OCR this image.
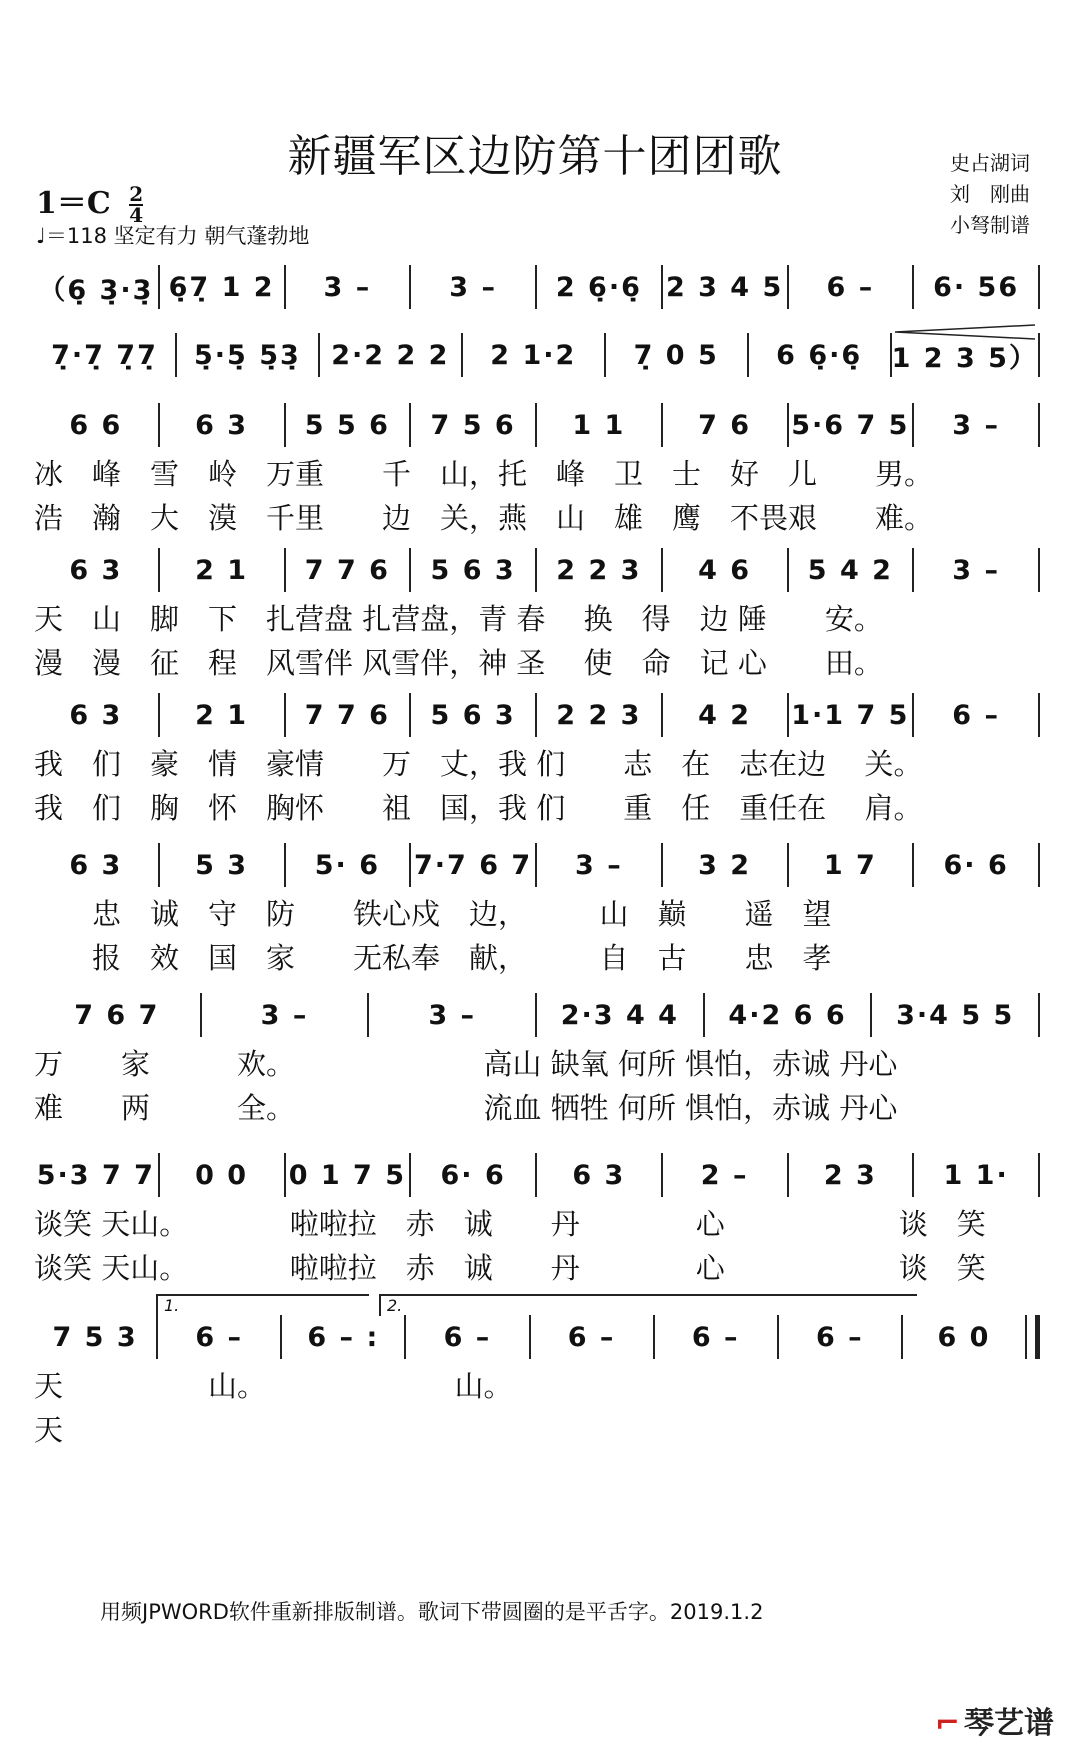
新疆军区边防第十团团歌	史占湖词
刘　刚曲
小弩制谱
$1=C \frac{2}{4}$
♩＝118 坚定有力 朝气蓬勃地
（6̣ 3̣·3̣ 6̣7̣ 1 2	3 –	3 –	2 6̣·6̣ 2 3 4 5	6 –	6· 56
7̣·7̣ 7̣7̣	5̣·5̣ 5̣3̣	2·2 2 2	2 1·2	7̣ 0 5	6 6̣·6̣	1 2 3 5）
6 6	6 3	5 5 6	7 5 6	1 1	7 6	5·6 7 5	3 –
冰　峰　雪　岭　万重　　千　山，托　峰　卫　士　好　儿　　男。
浩　瀚　大　漠　千里　　边　关，燕　山　雄　鹰　不畏艰　　难。
6 3	2 1	7 7 6	5 6 3	2 2 3	4 6	5 4 2	3 –
天　山　脚　下　扎营盘 扎营盘，青 春　 换　得　边 陲　　安。
漫　漫　征　程　风雪伴 风雪伴，神 圣　 使　命　记 心　　田。
6 3	2 1	7 7 6	5 6 3	2 2 3	4 2	1·1 7 5	6 –
我　们　豪　情　豪情　　万　丈，我 们　　志　在　志在边　 关。
我　们　胸　怀　胸怀　　祖　国，我 们　　重　任　重任在　 肩。
6 3	5 3	5· 6	7·7 6 7	3 –	3 2	1 7	6· 6
　　忠　诚　守　防　　铁心戍　边，　　　山　巅　　遥　望
　　报　效　国　家　　无私奉　献，　　　自　古　　忠　孝
7 6 7	3 –	3 –	2·3 4 4	4·2 6 6	3·4 5 5
万　　家　　　欢。　　　　　　　高山 缺氧 何所 惧怕，赤诚 丹心
难　　两　　　全。　　　　　　　流血 牺牲 何所 惧怕，赤诚 丹心
5·3 7 7	0 0	0 1 7 5	6· 6	6 3	2 –	2 3	1 1·
谈笑 天山。　　　　啦啦拉　赤　诚　　丹　　　　心　　　　　　谈　笑
谈笑 天山。　　　　啦啦拉　赤　诚　　丹　　　　心　　　　　　谈　笑
7 5 3	6 –	6 – :	6 –	6 –	6 –	6 –	6 0
天　　　　　山。　　　　　　　山。
天
1.	2.
用频JPWORD软件重新排版制谱。歌词下带圆圈的是平舌字。2019.1.2
⌐ 琴艺谱
